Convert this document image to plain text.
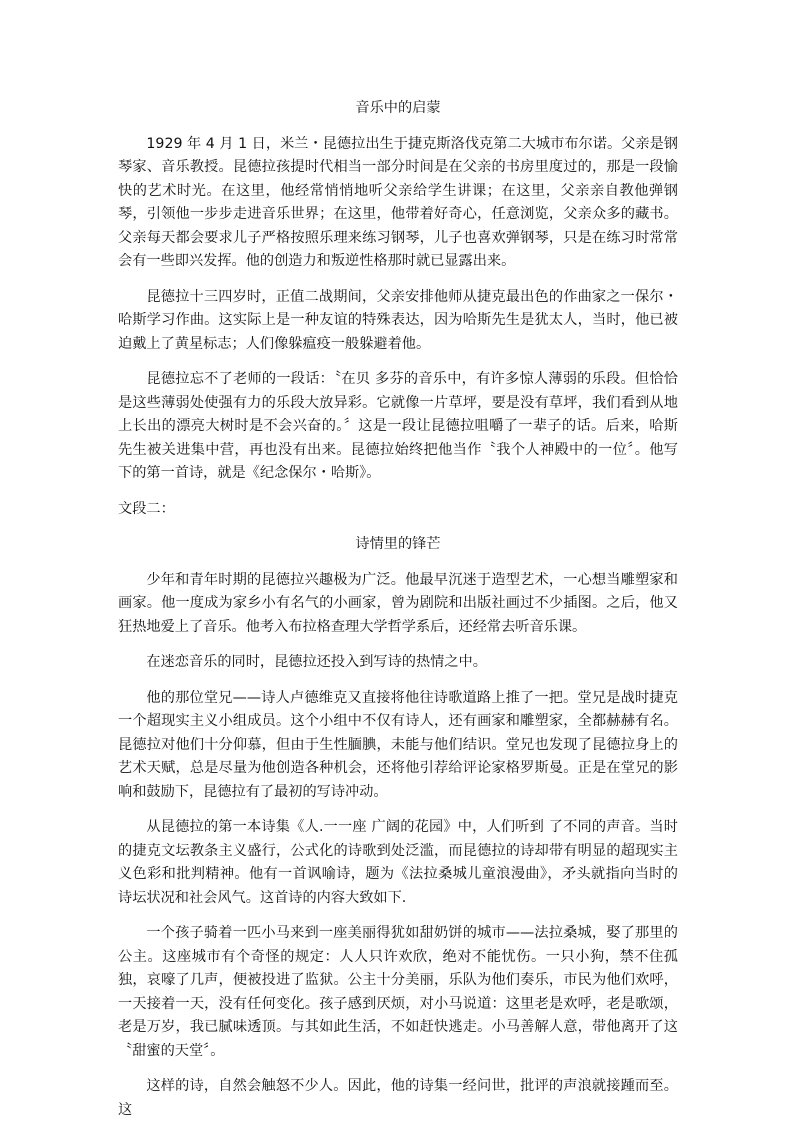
音乐中的启蒙

1929 年 4 月 1 日，米兰・昆德拉出生于捷克斯洛伐克第二大城市布尔诺。父亲是钢琴家、音乐教授。昆德拉孩提时代相当一部分时间是在父亲的书房里度过的，那是一段愉快的艺术时光。在这里，他经常悄悄地听父亲给学生讲课；在这里，父亲亲自教他弹钢琴，引领他一步步走进音乐世界；在这里，他带着好奇心，任意浏览，父亲众多的藏书。父亲每天都会要求儿子严格按照乐理来练习钢琴，儿子也喜欢弹钢琴，只是在练习时常常会有一些即兴发挥。他的创造力和叛逆性格那时就已显露出来。

昆德拉十三四岁时，正值二战期间，父亲安排他师从捷克最出色的作曲家之一保尔・哈斯学习作曲。这实际上是一种友谊的特殊表达，因为哈斯先生是犹太人，当时，他已被迫戴上了黄星标志；人们像躲瘟疫一般躲避着他。

昆德拉忘不了老师的一段话：〝在贝 多芬的音乐中，有许多惊人薄弱的乐段。但恰恰是这些薄弱处使强有力的乐段大放异彩。它就像一片草坪，要是没有草坪，我们看到从地上长出的漂亮大树时是不会兴奋的。〞这是一段让昆德拉咀嚼了一辈子的话。后来，哈斯先生被关进集中营，再也没有出来。昆德拉始终把他当作〝我个人神殿中的一位〞。他写下的第一首诗，就是《纪念保尔・哈斯》。

文段二：

诗情里的锋芒

少年和青年时期的昆德拉兴趣极为广泛。他最早沉迷于造型艺术，一心想当雕塑家和画家。他一度成为家乡小有名气的小画家，曾为剧院和出版社画过不少插图。之后，他又狂热地爱上了音乐。他考入布拉格查理大学哲学系后，还经常去听音乐课。

在迷恋音乐的同时，昆德拉还投入到写诗的热情之中。

他的那位堂兄——诗人卢德维克又直接将他往诗歌道路上推了一把。堂兄是战时捷克一个超现实主义小组成员。这个小组中不仅有诗人，还有画家和雕塑家，全都赫赫有名。昆德拉对他们十分仰慕，但由于生性腼腆，未能与他们结识。堂兄也发现了昆德拉身上的艺术天赋，总是尽量为他创造各种机会，还将他引荐给评论家格罗斯曼。正是在堂兄的影响和鼓励下，昆德拉有了最初的写诗冲动。

从昆德拉的第一本诗集《人.一一座 广阔的花园》中，人们听到 了不同的声音。当时的捷克文坛教条主义盛行，公式化的诗歌到处泛滥，而昆德拉的诗却带有明显的超现实主义色彩和批判精神。他有一首讽喻诗，题为《法拉桑城儿童浪漫曲》，矛头就指向当时的诗坛状况和社会风气。这首诗的内容大致如下.

一个孩子骑着一匹小马来到一座美丽得犹如甜奶饼的城市——法拉桑城，娶了那里的公主。这座城市有个奇怪的规定：人人只许欢欣，绝对不能忧伤。一只小狗，禁不住孤独，哀嚎了几声，便被投进了监狱。公主十分美丽，乐队为他们奏乐，市民为他们欢呼，一天接着一天，没有任何变化。孩子感到厌烦，对小马说道：这里老是欢呼，老是歌颂，老是万岁，我已腻味透顶。与其如此生活，不如赶快逃走。小马善解人意，带他离开了这〝甜蜜的天堂〞。

这样的诗，自然会触怒不少人。因此，他的诗集一经问世，批评的声浪就接踵而至。这
